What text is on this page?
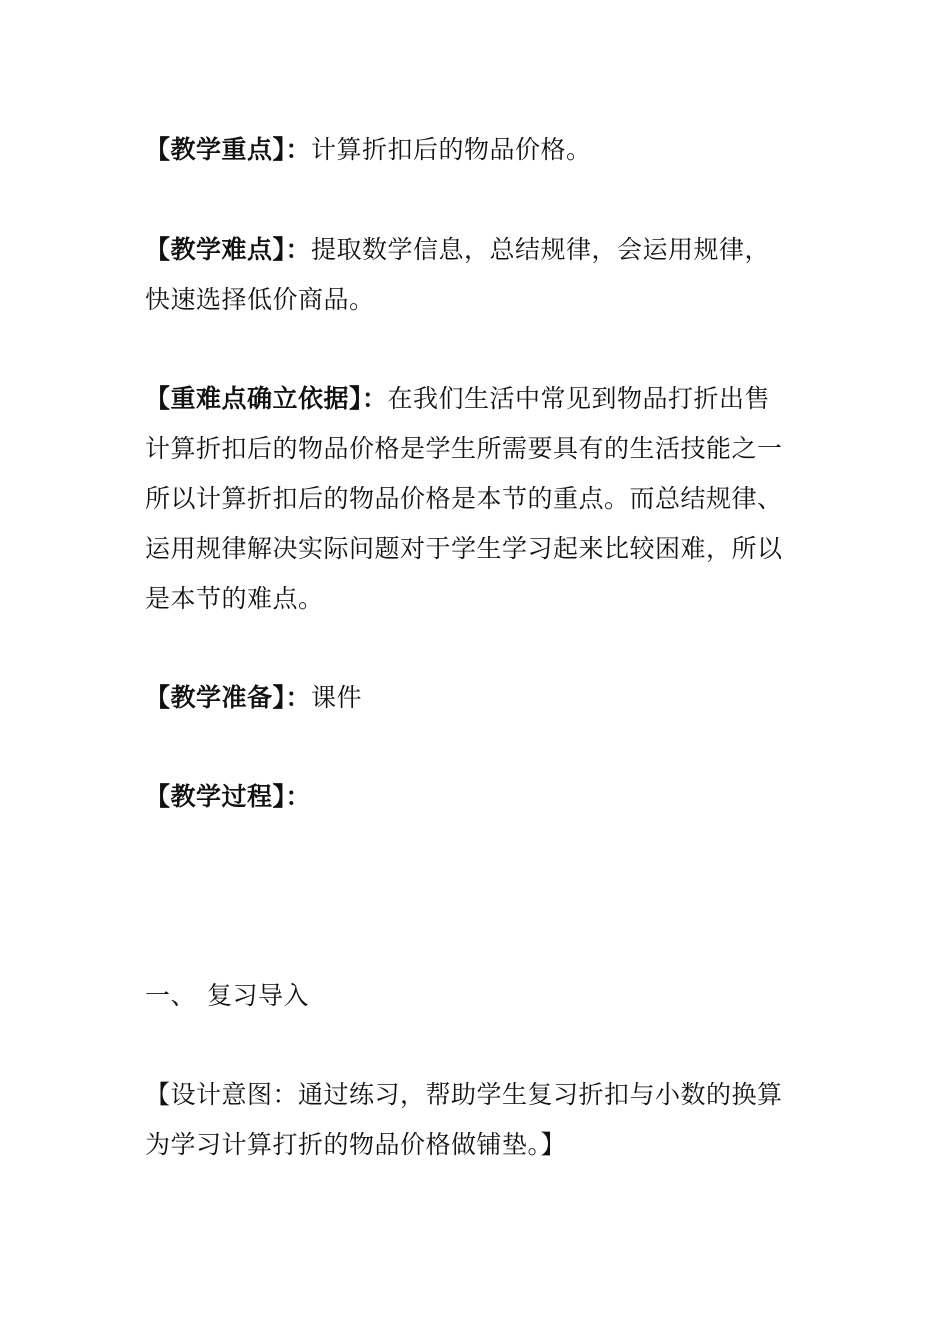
【教学重点】：计算折扣后的物品价格。
【教学难点】：提取数学信息，总结规律，会运用规律，
快速选择低价商品。
【重难点确立依据】：在我们生活中常见到物品打折出售
计算折扣后的物品价格是学生所需要具有的生活技能之一
所以计算折扣后的物品价格是本节的重点。而总结规律、
运用规律解决实际问题对于学生学习起来比较困难，所以
是本节的难点。
【教学准备】：课件
【教学过程】：
一、 复习导入
【设计意图：通过练习，帮助学生复习折扣与小数的换算
为学习计算打折的物品价格做铺垫。】
